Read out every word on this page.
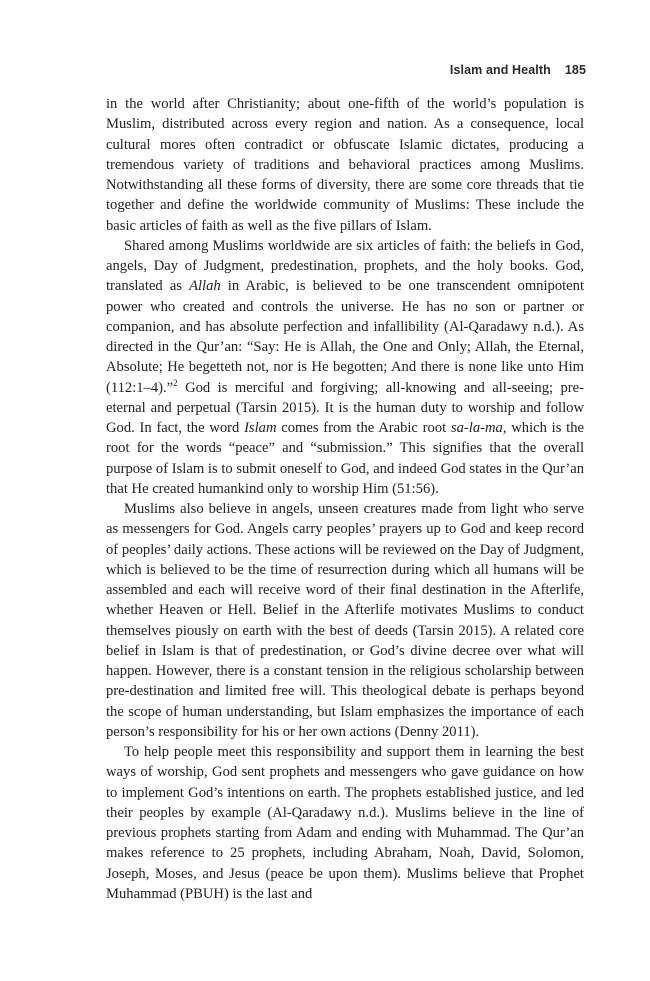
Islam and Health 185

in the world after Christianity; about one-fifth of the world’s population is Muslim, distributed across every region and nation. As a consequence, local cultural mores often contradict or obfuscate Islamic dictates, producing a tremendous variety of traditions and behavioral practices among Muslims. Notwithstanding all these forms of diversity, there are some core threads that tie together and define the worldwide community of Muslims: These include the basic articles of faith as well as the five pillars of Islam.

Shared among Muslims worldwide are six articles of faith: the beliefs in God, angels, Day of Judgment, predestination, prophets, and the holy books. God, translated as Allah in Arabic, is believed to be one transcendent omnipotent power who created and controls the universe. He has no son or partner or companion, and has absolute perfection and infallibility (Al-Qaradawy n.d.). As directed in the Qur’an: “Say: He is Allah, the One and Only; Allah, the Eternal, Absolute; He begetteth not, nor is He begotten; And there is none like unto Him (112:1–4).”$^2$ God is merciful and forgiving; all-knowing and all-seeing; pre-eternal and perpetual (Tarsin 2015). It is the human duty to worship and follow God. In fact, the word Islam comes from the Arabic root sa-la-ma, which is the root for the words “peace” and “submission.” This signifies that the overall purpose of Islam is to submit oneself to God, and indeed God states in the Qur’an that He created humankind only to worship Him (51:56).

Muslims also believe in angels, unseen creatures made from light who serve as messengers for God. Angels carry peoples’ prayers up to God and keep record of peoples’ daily actions. These actions will be reviewed on the Day of Judgment, which is believed to be the time of resurrection during which all humans will be assembled and each will receive word of their final destination in the Afterlife, whether Heaven or Hell. Belief in the Afterlife motivates Muslims to conduct themselves piously on earth with the best of deeds (Tarsin 2015). A related core belief in Islam is that of predestination, or God’s divine decree over what will happen. However, there is a constant tension in the religious scholarship between pre-destination and limited free will. This theological debate is perhaps beyond the scope of human understanding, but Islam emphasizes the importance of each person’s responsibility for his or her own actions (Denny 2011).

To help people meet this responsibility and support them in learning the best ways of worship, God sent prophets and messengers who gave guidance on how to implement God’s intentions on earth. The prophets established justice, and led their peoples by example (Al-Qaradawy n.d.). Muslims believe in the line of previous prophets starting from Adam and ending with Muhammad. The Qur’an makes reference to 25 prophets, including Abraham, Noah, David, Solomon, Joseph, Moses, and Jesus (peace be upon them). Muslims believe that Prophet Muhammad (PBUH) is the last and
